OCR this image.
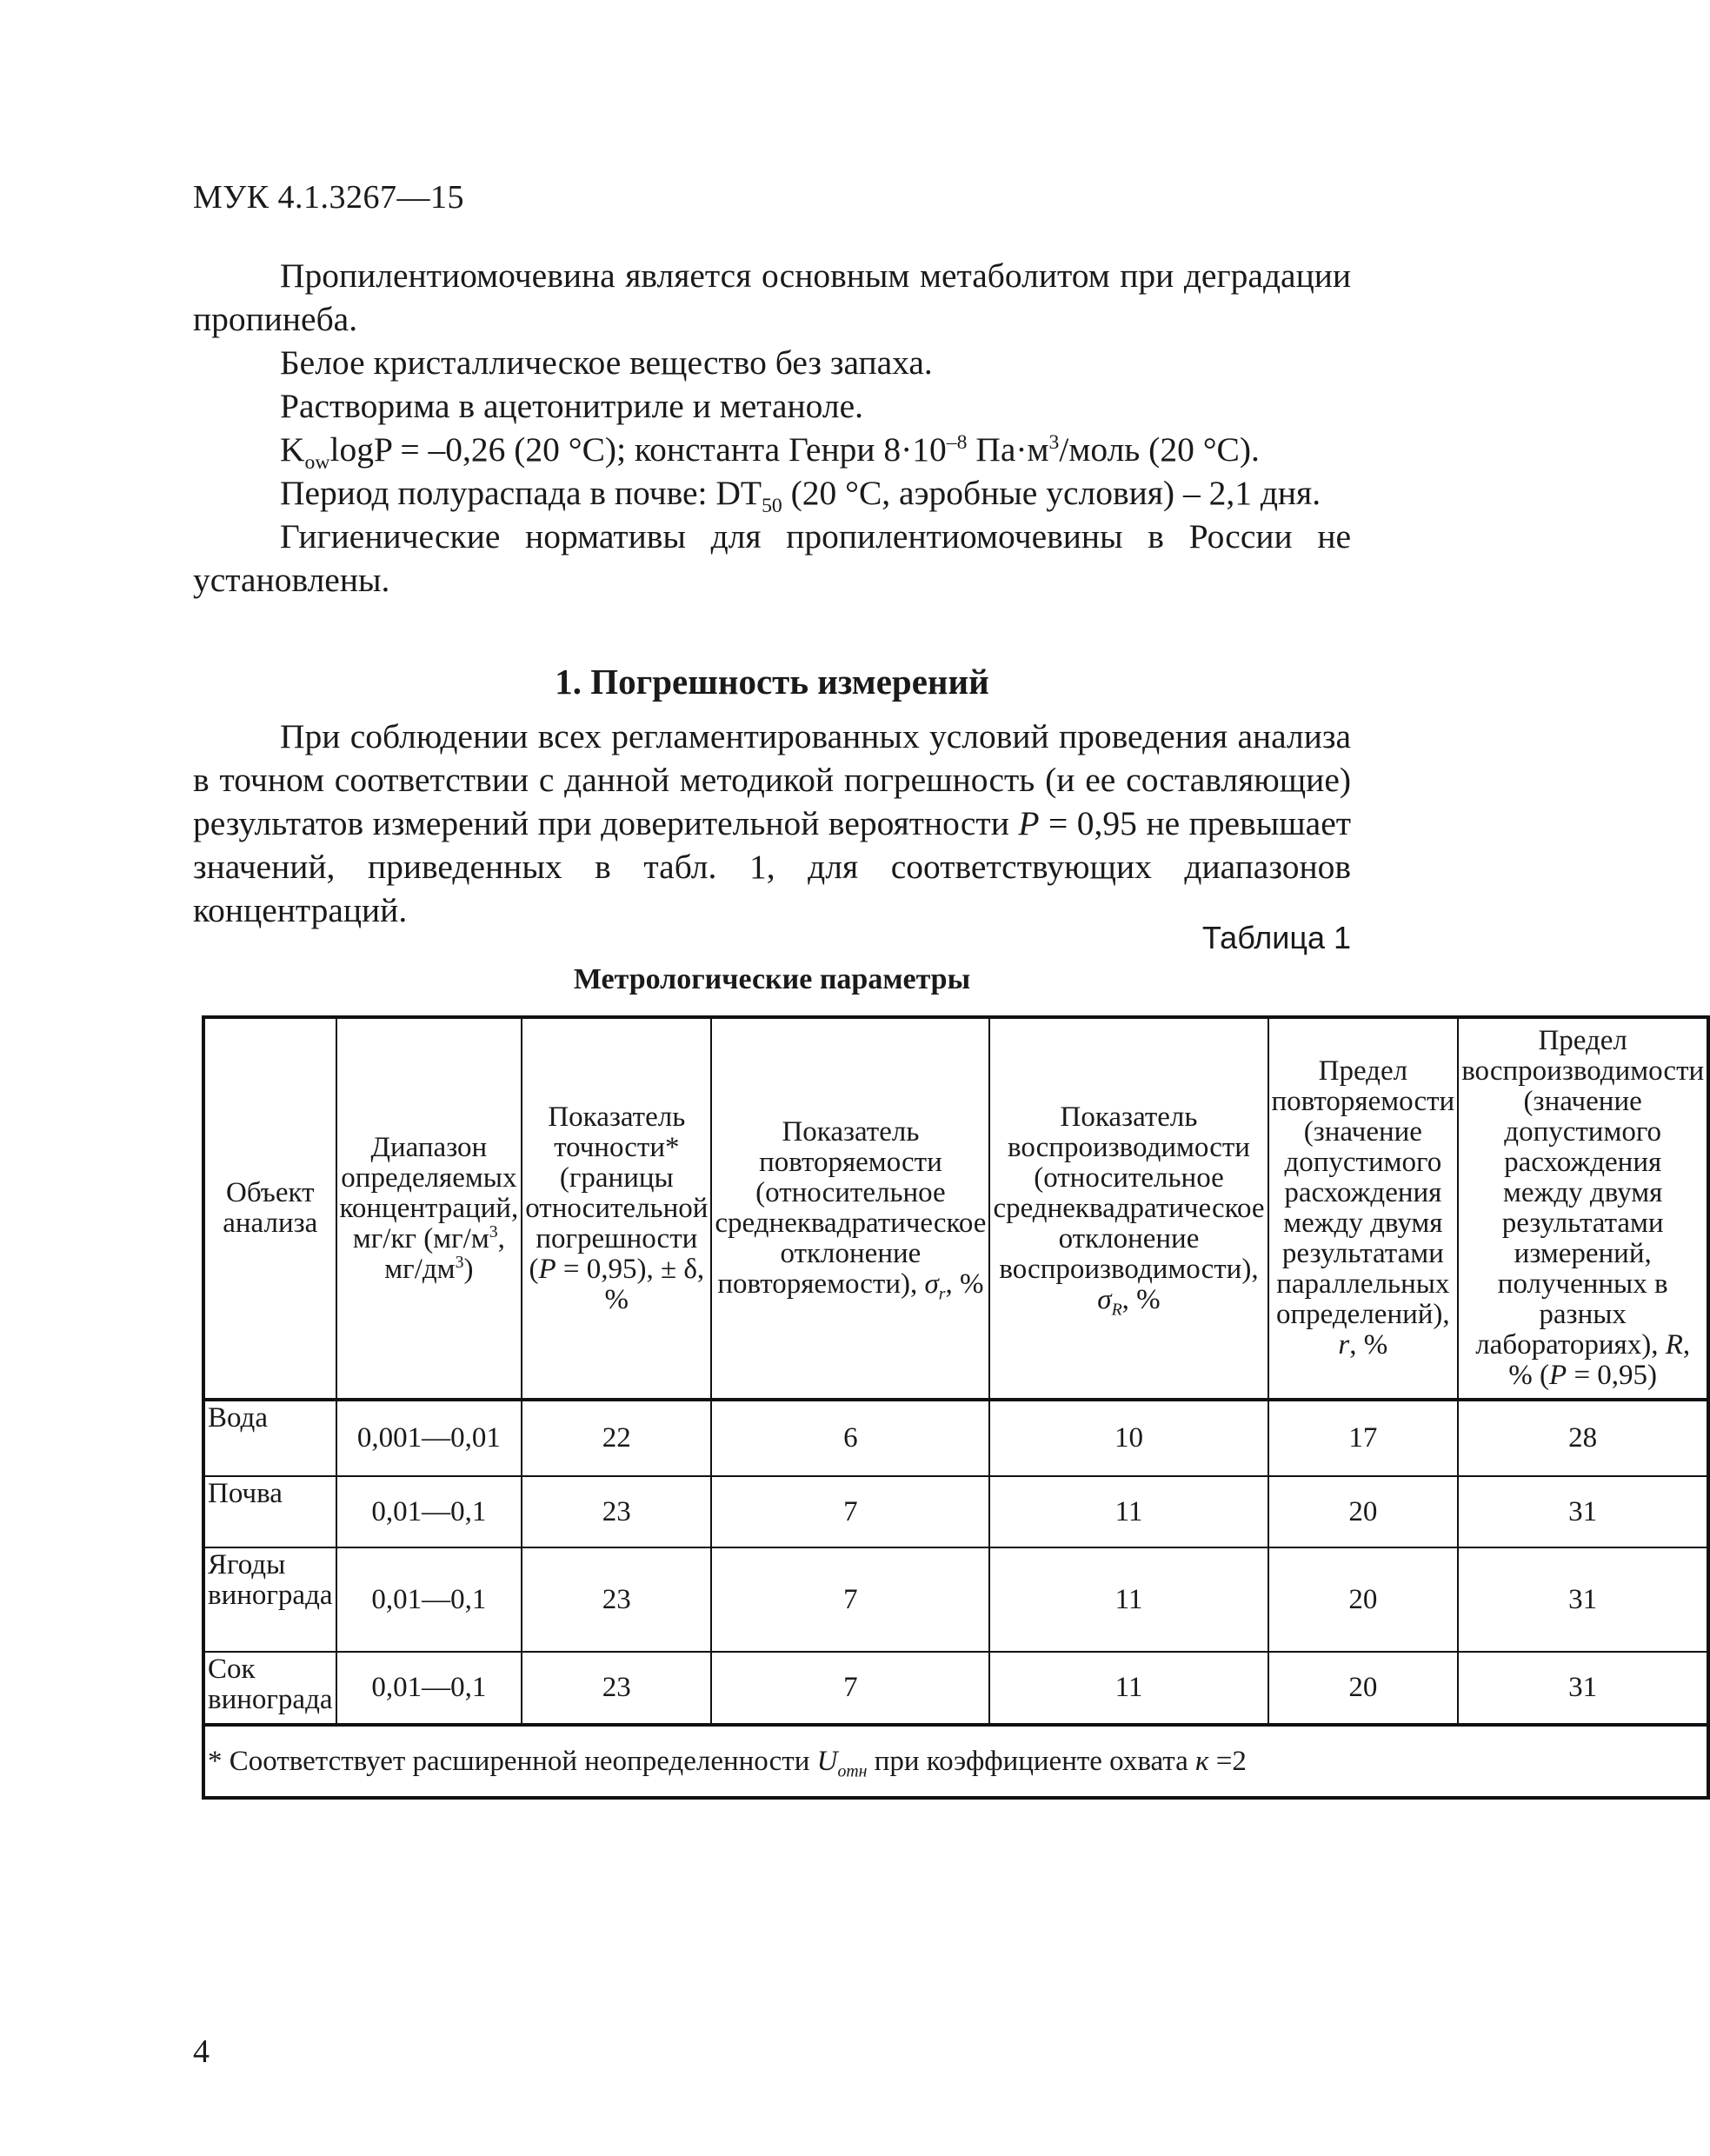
МУК 4.1.3267—15

Пропилентиомочевина является основным метаболитом при деградации пропинеба.

Белое кристаллическое вещество без запаха.

Растворима в ацетонитриле и метаноле.

$K_{ow}\log P = -0,26$ (20 °С); константа Генри $8\cdot 10^{-8}$ $Па\cdot м^3$/моль (20 °С).

Период полураспада в почве: $DT_{50}$ (20 °С, аэробные условия) – 2,1 дня.

Гигиенические нормативы для пропилентиомочевины в России не установлены.

1. Погрешность измерений

При соблюдении всех регламентированных условий проведения анализа в точном соответствии с данной методикой погрешность (и ее составляющие) результатов измерений при доверительной вероятности P = 0,95 не превышает значений, приведенных в табл. 1, для соответствующих диапазонов концентраций.

Таблица 1
Метрологические параметры
Объект анализа	Диапазон определяемых концентраций, мг/кг ($мг/м^3$, $мг/дм^3$)	Показатель точности* (границы относительной погрешности (P = 0,95), ± δ, %	Показатель повторяемости (относительное среднеквадратическое отклонение повторяемости), $\sigma_r$, %	Показатель воспроизводимости (относительное среднеквадратическое отклонение воспроизводимости), $\sigma_R$, %	Предел повторяемости (значение допустимого расхождения между двумя результатами параллельных определений), r, %	Предел воспроизводимости (значение допустимого расхождения между двумя результатами измерений, полученных в разных лабораториях), R, % (P = 0,95)
Вода	0,001—0,01	22	6	10	17	28
Почва	0,01—0,1	23	7	11	20	31
Ягоды винограда	0,01—0,1	23	7	11	20	31
Сок винограда	0,01—0,1	23	7	11	20	31
* Соответствует расширенной неопределенности $U_{отн}$ при коэффициенте охвата к =2						
4
